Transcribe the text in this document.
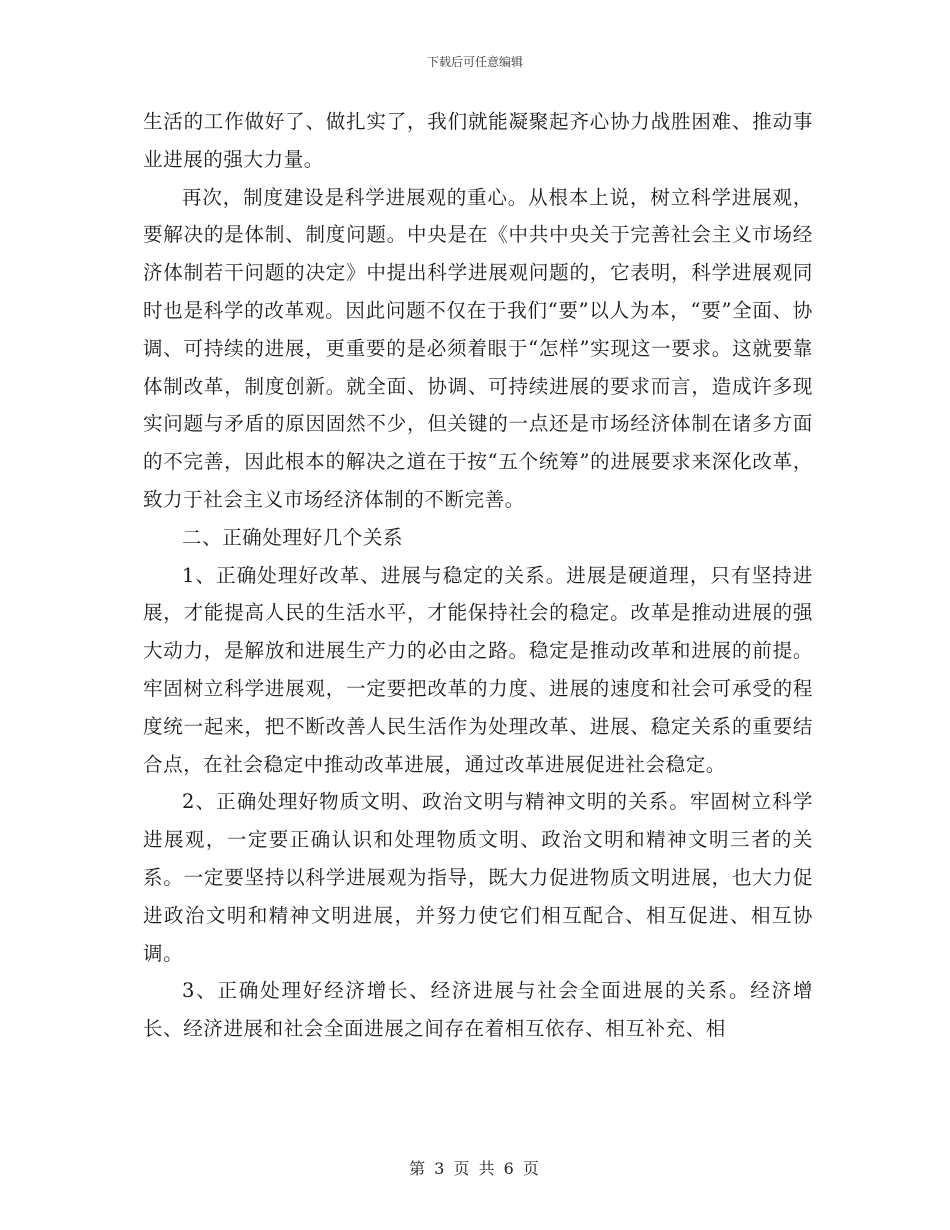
下载后可任意编辑

生活的工作做好了、做扎实了，我们就能凝聚起齐心协力战胜困难、推动事业进展的强大力量。

再次，制度建设是科学进展观的重心。从根本上说，树立科学进展观，要解决的是体制、制度问题。中央是在《中共中央关于完善社会主义市场经济体制若干问题的决定》中提出科学进展观问题的，它表明，科学进展观同时也是科学的改革观。因此问题不仅在于我们“要”以人为本，“要”全面、协调、可持续的进展，更重要的是必须着眼于“怎样”实现这一要求。这就要靠体制改革，制度创新。就全面、协调、可持续进展的要求而言，造成许多现实问题与矛盾的原因固然不少，但关键的一点还是市场经济体制在诸多方面的不完善，因此根本的解决之道在于按“五个统筹”的进展要求来深化改革，致力于社会主义市场经济体制的不断完善。

二、正确处理好几个关系

1、正确处理好改革、进展与稳定的关系。进展是硬道理，只有坚持进展，才能提高人民的生活水平，才能保持社会的稳定。改革是推动进展的强大动力，是解放和进展生产力的必由之路。稳定是推动改革和进展的前提。牢固树立科学进展观，一定要把改革的力度、进展的速度和社会可承受的程度统一起来，把不断改善人民生活作为处理改革、进展、稳定关系的重要结合点，在社会稳定中推动改革进展，通过改革进展促进社会稳定。

2、正确处理好物质文明、政治文明与精神文明的关系。牢固树立科学进展观，一定要正确认识和处理物质文明、政治文明和精神文明三者的关系。一定要坚持以科学进展观为指导，既大力促进物质文明进展，也大力促进政治文明和精神文明进展，并努力使它们相互配合、相互促进、相互协调。

3、正确处理好经济增长、经济进展与社会全面进展的关系。经济增长、经济进展和社会全面进展之间存在着相互依存、相互补充、相

第 3 页 共 6 页
